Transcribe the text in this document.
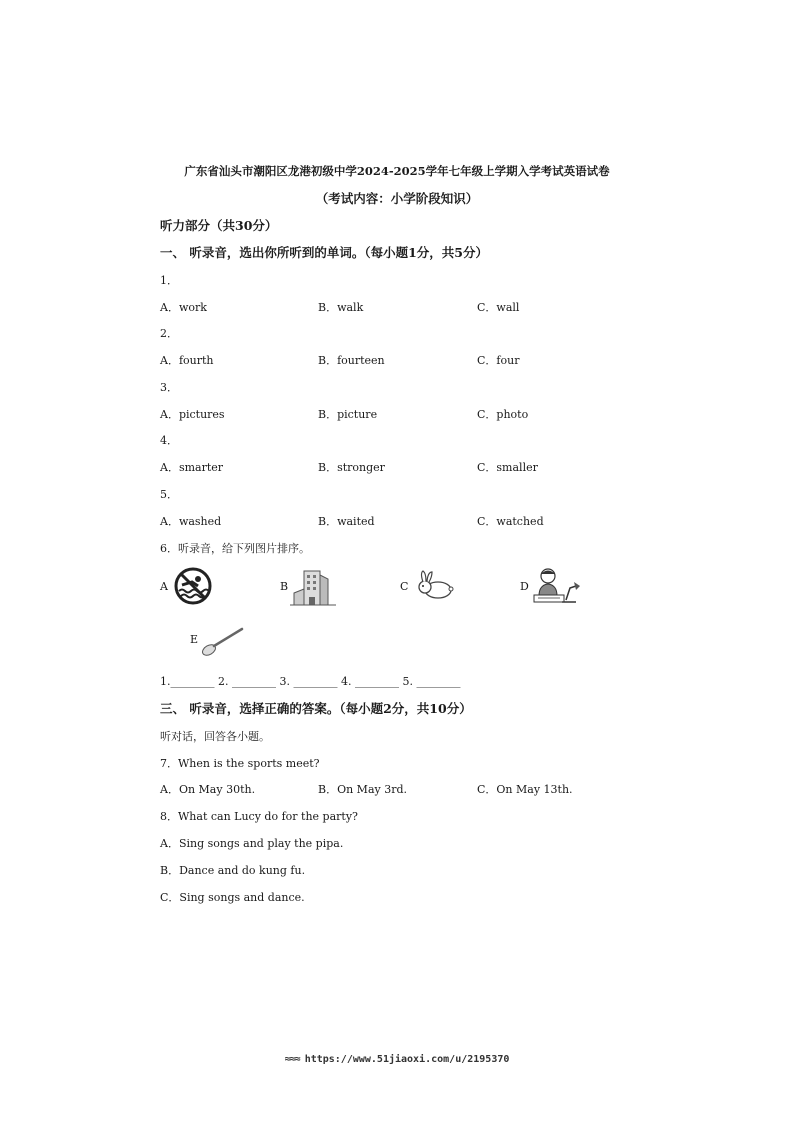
广东省汕头市潮阳区龙港初级中学2024-2025学年七年级上学期入学考试英语试卷
（考试内容：小学阶段知识）
听力部分（共30分）
一、 听录音，选出你所听到的单词。（每小题1分，共5分）
1．
A．work	B．walk	C．wall
2．
A．fourth	B．fourteen	C．four
3．
A．pictures	B．picture	C．photo
4．
A．smarter	B．stronger	C．smaller
5．
A．washed	B．waited	C．watched
6．听录音，给下列图片排序。
A	B	C	D
E
1.________ 2. ________ 3. ________ 4. ________ 5. ________
三、 听录音，选择正确的答案。（每小题2分，共10分）
听对话，回答各小题。
7．When is the sports meet?
A．On May 30th.	B．On May 3rd.	C．On May 13th.
8．What can Lucy do for the party?
A．Sing songs and play the pipa.
B．Dance and do kung fu.
C．Sing songs and dance.
≈≈≈ https://www.51jiaoxi.com/u/2195370
